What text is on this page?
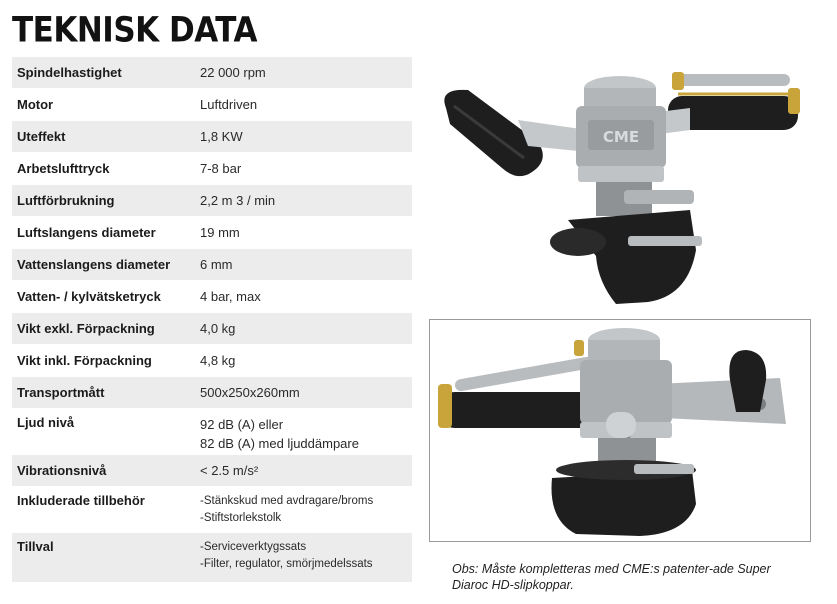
TEKNISK DATA
Spindelhastighet	22 000 rpm
Motor	Luftdriven
Uteffekt	1,8 KW
Arbetslufttryck	7-8 bar
Luftförbrukning	2,2 m 3 / min
Luftslangens diameter	19 mm
Vattenslangens diameter	6 mm
Vatten- / kylvätsketryck	4 bar, max
Vikt exkl. Förpackning	4,0 kg
Vikt inkl. Förpackning	4,8 kg
Transportmått	500x250x260mm
Ljud nivå	92 dB (A) eller
82 dB (A) med ljuddämpare
Vibrationsnivå	< 2.5 m/s²
Inkluderade tillbehör	-Stänkskud med avdragare/broms
-Stiftstorlekstolk
Tillval	-Serviceverktygssats
-Filter, regulator, smörjmedelssats
CME
Obs: Måste kompletteras med CME:s patenter-ade Super Diaroc HD-slipkoppar.
